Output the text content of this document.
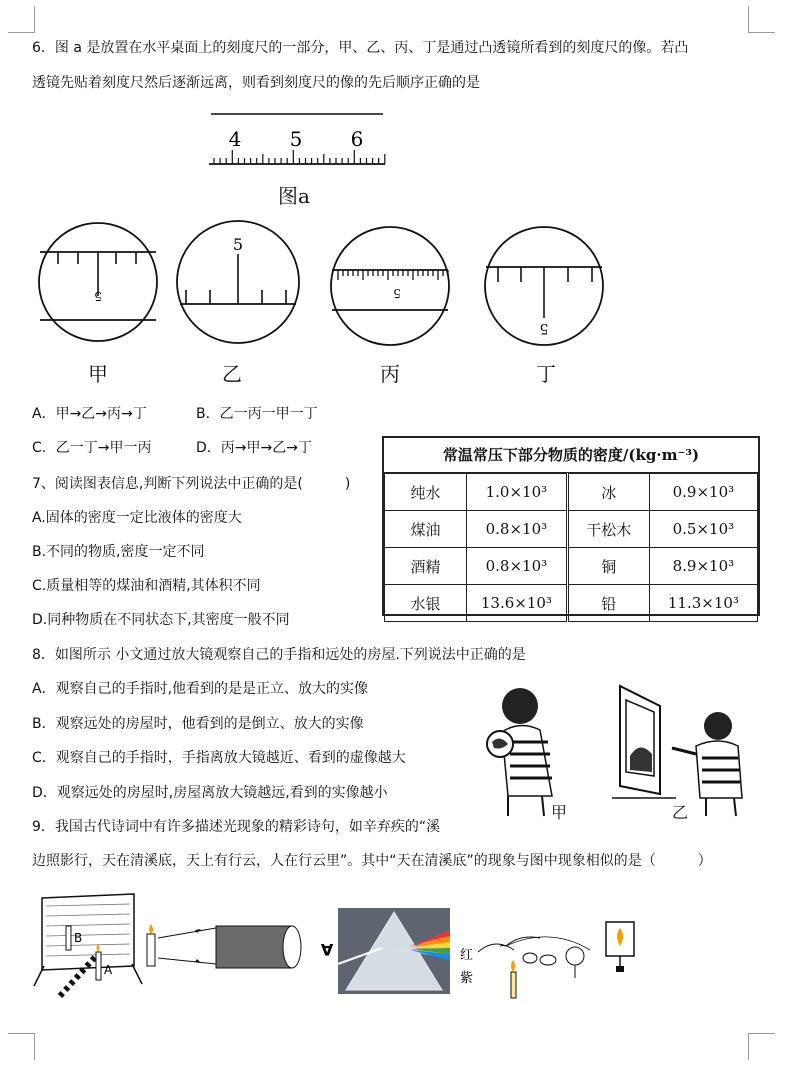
6．图 a 是放置在水平桌面上的刻度尺的一部分，甲、乙、丙、丁是通过凸透镜所看到的刻度尺的像。若凸
透镜先贴着刻度尺然后逐渐远离，则看到刻度尺的像的先后顺序正确的是
4 5 6
图a
5
5
5
5
甲	乙	丙	丁
A．甲→乙→丙→丁	B．乙一丙一甲一丁
C．乙一丁→甲一丙	D．丙→甲→乙→丁
7、阅读图表信息,判断下列说法中正确的是(　　　)
A.固体的密度一定比液体的密度大
B.不同的物质,密度一定不同
C.质量相等的煤油和酒精,其体积不同
D.同种物质在不同状态下,其密度一般不同
常温常压下部分物质的密度/(kg·m⁻³)
纯水	1.0×10³	冰	0.9×10³
煤油	0.8×10³	干松木	0.5×10³
酒精	0.8×10³	铜	8.9×10³
水银	13.6×10³	铅	11.3×10³
8．如图所示 小文通过放大镜观察自己的手指和远处的房屋.下列说法中正确的是
A．观察自己的手指时,他看到的是是正立、放大的实像
B．观察远处的房屋时，他看到的是倒立、放大的实像
C．观察自己的手指时，手指离放大镜越近、看到的虚像越大
D．观察远处的房屋时,房屋离放大镜越远,看到的实像越小
甲	乙
9．我国古代诗词中有许多描述光现象的精彩诗句，如辛弃疾的“溪
边照影行，天在清溪底，天上有行云，人在行云里”。其中“天在清溪底”的现象与图中现象相似的是（　　　）
B
A
A	红
紫
